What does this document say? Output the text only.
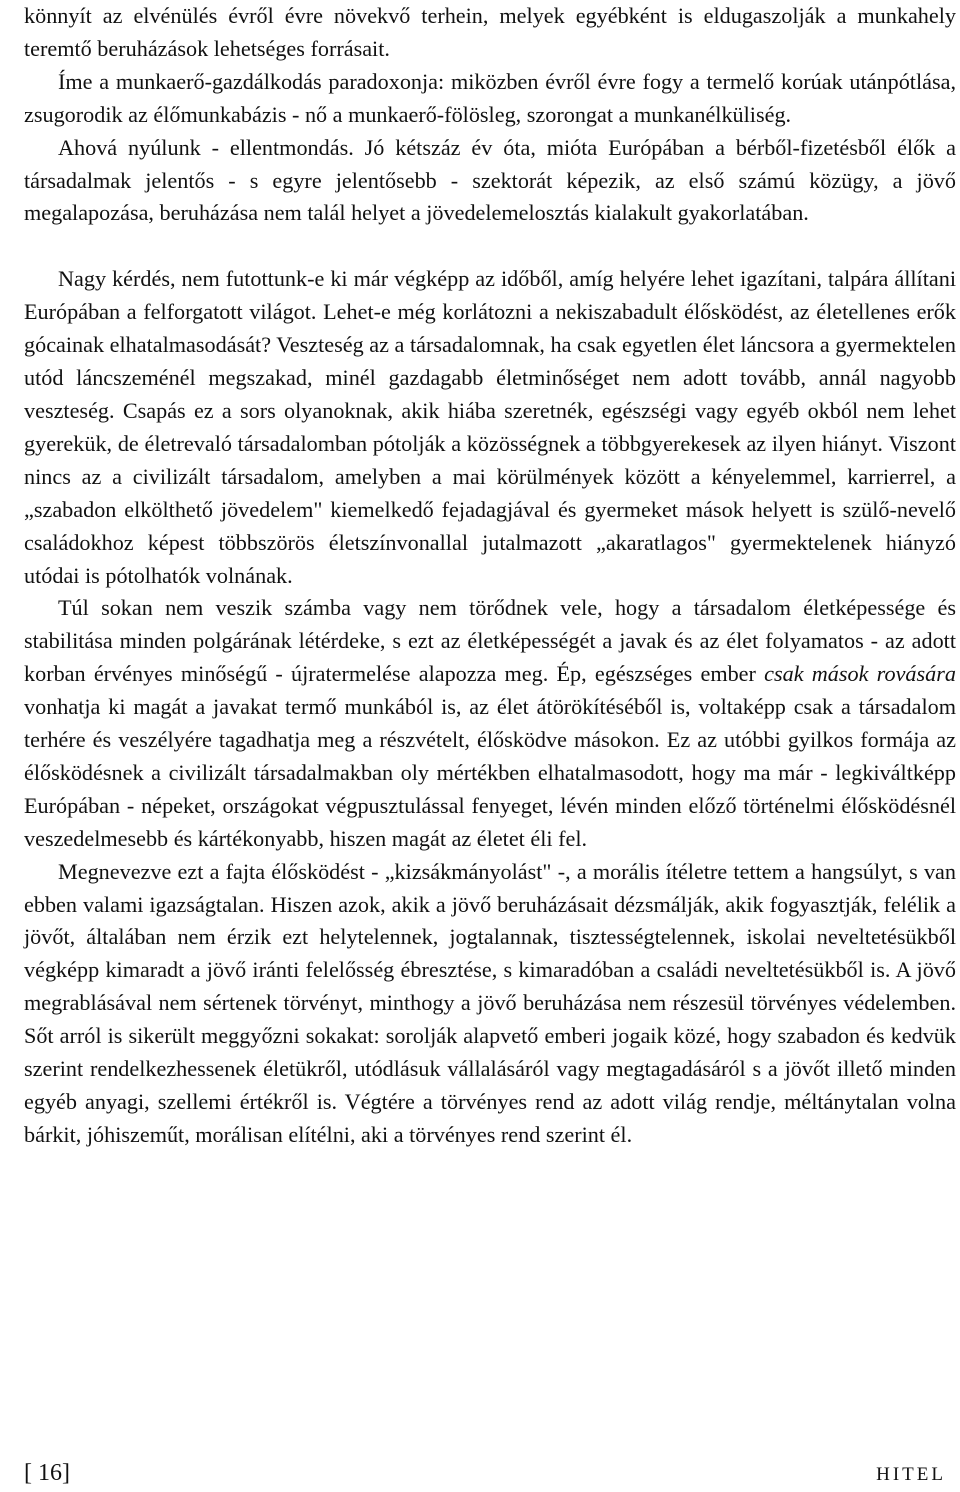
könnyít az elvénülés évről évre növekvő terhein, melyek egyébként is eldugaszolják a munkahely teremtő beruházások lehetséges forrásait.

Íme a munkaerő-gazdálkodás paradoxonja: miközben évről évre fogy a termelő korúak utánpótlása, zsugorodik az élőmunkabázis - nő a munkaerő-fölösleg, szorongat a munkanélküliség.

Ahová nyúlunk - ellentmondás. Jó kétszáz év óta, mióta Európában a bérből-fizetésből élők a társadalmak jelentős - s egyre jelentősebb - szektorát képezik, az első számú közügy, a jövő megalapozása, beruházása nem talál helyet a jövedelemelosztás kialakult gyakorlatában.

Nagy kérdés, nem futottunk-e ki már végképp az időből, amíg helyére lehet igazítani, talpára állítani Európában a felforgatott világot. Lehet-e még korlátozni a nekiszabadult élősködést, az életellenes erők gócainak elhatalmasodását? Veszteség az a társadalomnak, ha csak egyetlen élet láncsora a gyermektelen utód láncszeménél megszakad, minél gazdagabb életminőséget nem adott tovább, annál nagyobb veszteség. Csapás ez a sors olyanoknak, akik hiába szeretnék, egészségi vagy egyéb okból nem lehet gyerekük, de életrevaló társadalomban pótolják a közösségnek a többgyerekesek az ilyen hiányt. Viszont nincs az a civilizált társadalom, amelyben a mai körülmények között a kényelemmel, karrierrel, a „szabadon elkölthető jövedelem" kiemelkedő fejadagjával és gyermeket mások helyett is szülő-nevelő családokhoz képest többszörös életszínvonallal jutalmazott „akaratlagos" gyermektelenek hiányzó utódai is pótolhatók volnának.

Túl sokan nem veszik számba vagy nem törődnek vele, hogy a társadalom életképessége és stabilitása minden polgárának létérdeke, s ezt az életképességét a javak és az élet folyamatos - az adott korban érvényes minőségű - újratermelése alapozza meg. Ép, egészséges ember csak mások rovására vonhatja ki magát a javakat termő munkából is, az élet átörökítéséből is, voltaképp csak a társadalom terhére és veszélyére tagadhatja meg a részvételt, élősködve másokon. Ez az utóbbi gyilkos formája az élősködésnek a civilizált társadalmakban oly mértékben elhatalmasodott, hogy ma már - legkiváltképp Európában - népeket, országokat végpusztulással fenyeget, lévén minden előző történelmi élősködésnél veszedelmesebb és kártékonyabb, hiszen magát az életet éli fel.

Megnevezve ezt a fajta élősködést - „kizsákmányolást" -, a morális ítéletre tettem a hangsúlyt, s van ebben valami igazságtalan. Hiszen azok, akik a jövő beruházásait dézsmálják, akik fogyasztják, felélik a jövőt, általában nem érzik ezt helytelennek, jogtalannak, tisztességtelennek, iskolai neveltetésükből végképp kimaradt a jövő iránti felelősség ébresztése, s kimaradóban a családi neveltetésükből is. A jövő megrablásával nem sértenek törvényt, minthogy a jövő beruházása nem részesül törvényes védelemben. Sőt arról is sikerült meggyőzni sokakat: sorolják alapvető emberi jogaik közé, hogy szabadon és kedvük szerint rendelkezhessenek életükről, utódlásuk vállalásáról vagy megtagadásáról s a jövőt illető minden egyéb anyagi, szellemi értékről is. Végtére a törvényes rend az adott világ rendje, méltánytalan volna bárkit, jóhiszeműt, morálisan elítélni, aki a törvényes rend szerint él.

[ 16]	HITEL
